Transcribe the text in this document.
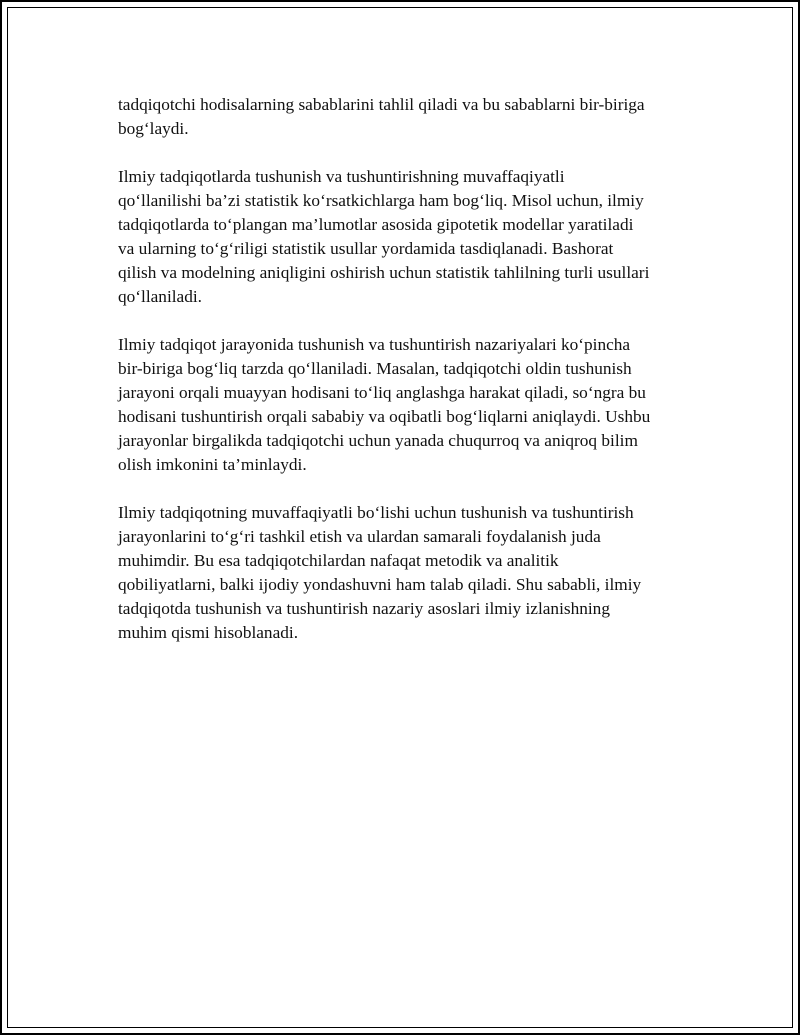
tadqiqotchi hodisalarning sabablarini tahlil qiladi va bu sabablarni bir-biriga
bog‘laydi.

Ilmiy tadqiqotlarda tushunish va tushuntirishning muvaffaqiyatli
qo‘llanilishi ba’zi statistik ko‘rsatkichlarga ham bog‘liq. Misol uchun, ilmiy
tadqiqotlarda to‘plangan ma’lumotlar asosida gipotetik modellar yaratiladi
va ularning to‘g‘riligi statistik usullar yordamida tasdiqlanadi. Bashorat
qilish va modelning aniqligini oshirish uchun statistik tahlilning turli usullari
qo‘llaniladi.

Ilmiy tadqiqot jarayonida tushunish va tushuntirish nazariyalari ko‘pincha
bir-biriga bog‘liq tarzda qo‘llaniladi. Masalan, tadqiqotchi oldin tushunish
jarayoni orqali muayyan hodisani to‘liq anglashga harakat qiladi, so‘ngra bu
hodisani tushuntirish orqali sababiy va oqibatli bog‘liqlarni aniqlaydi. Ushbu
jarayonlar birgalikda tadqiqotchi uchun yanada chuqurroq va aniqroq bilim
olish imkonini ta’minlaydi.

Ilmiy tadqiqotning muvaffaqiyatli bo‘lishi uchun tushunish va tushuntirish
jarayonlarini to‘g‘ri tashkil etish va ulardan samarali foydalanish juda
muhimdir. Bu esa tadqiqotchilardan nafaqat metodik va analitik
qobiliyatlarni, balki ijodiy yondashuvni ham talab qiladi. Shu sababli, ilmiy
tadqiqotda tushunish va tushuntirish nazariy asoslari ilmiy izlanishning
muhim qismi hisoblanadi.
